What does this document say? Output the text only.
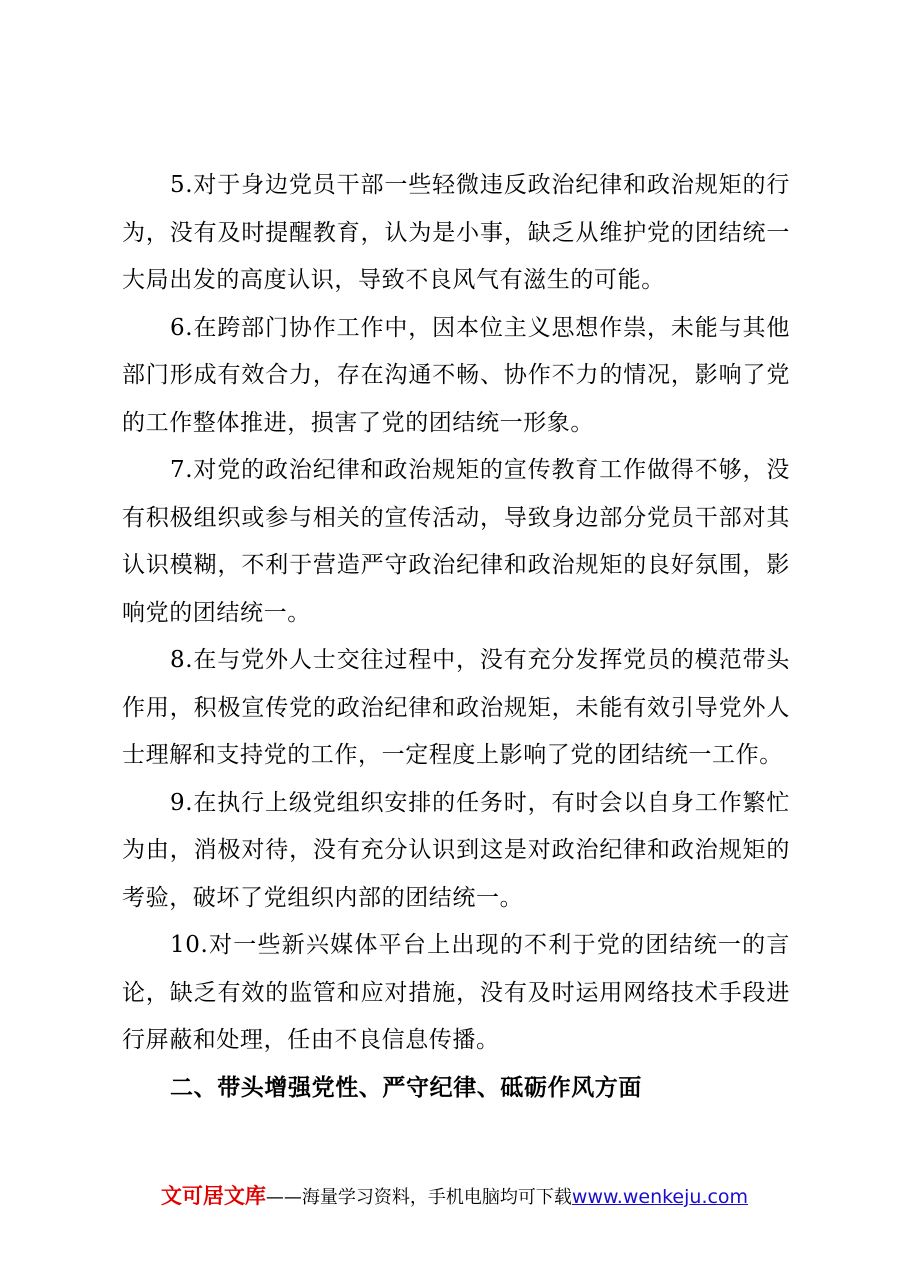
5.对于身边党员干部一些轻微违反政治纪律和政治规矩的行为，没有及时提醒教育，认为是小事，缺乏从维护党的团结统一大局出发的高度认识，导致不良风气有滋生的可能。

6.在跨部门协作工作中，因本位主义思想作祟，未能与其他部门形成有效合力，存在沟通不畅、协作不力的情况，影响了党的工作整体推进，损害了党的团结统一形象。

7.对党的政治纪律和政治规矩的宣传教育工作做得不够，没有积极组织或参与相关的宣传活动，导致身边部分党员干部对其认识模糊，不利于营造严守政治纪律和政治规矩的良好氛围，影响党的团结统一。

8.在与党外人士交往过程中，没有充分发挥党员的模范带头作用，积极宣传党的政治纪律和政治规矩，未能有效引导党外人士理解和支持党的工作，一定程度上影响了党的团结统一工作。

9.在执行上级党组织安排的任务时，有时会以自身工作繁忙为由，消极对待，没有充分认识到这是对政治纪律和政治规矩的考验，破坏了党组织内部的团结统一。

10.对一些新兴媒体平台上出现的不利于党的团结统一的言论，缺乏有效的监管和应对措施，没有及时运用网络技术手段进行屏蔽和处理，任由不良信息传播。

二、带头增强党性、严守纪律、砥砺作风方面

文可居文库——海量学习资料，手机电脑均可下载www.wenkeju.com
